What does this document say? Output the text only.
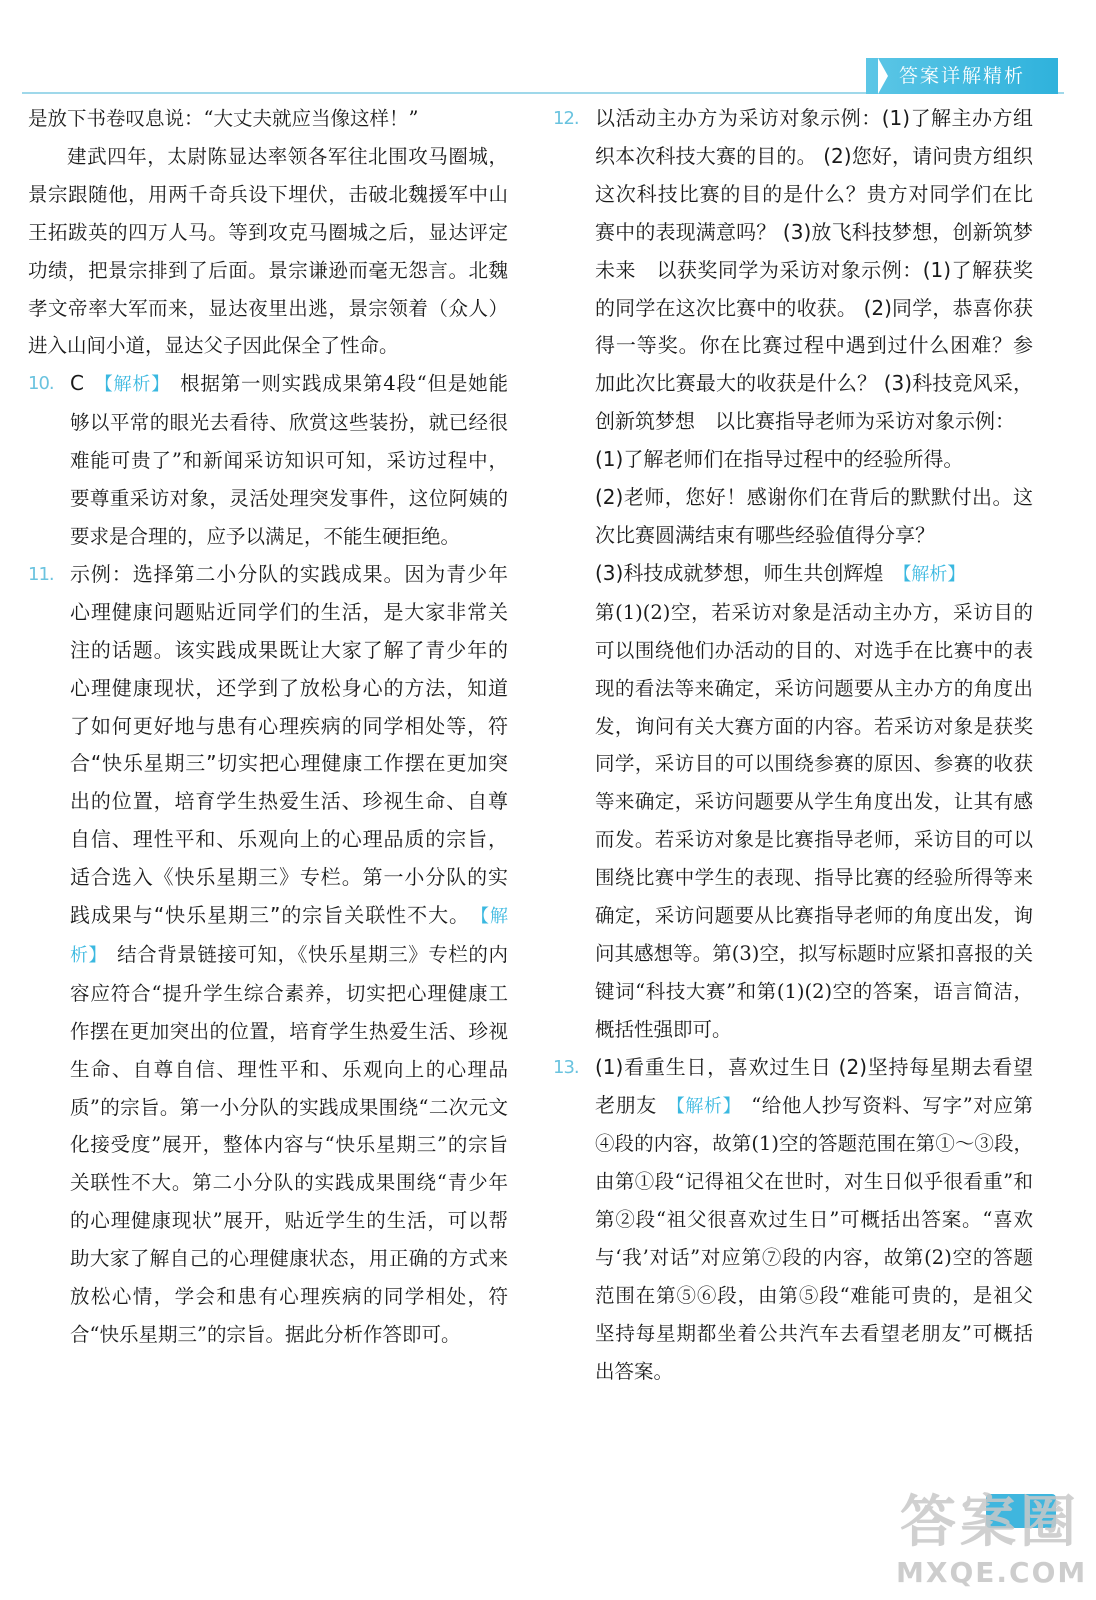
答案详解精析

是放下书卷叹息说：“大丈夫就应当像这样！”

建武四年，太尉陈显达率领各军往北围攻马圈城，景宗跟随他，用两千奇兵设下埋伏，击破北魏援军中山王拓跋英的四万人马。等到攻克马圈城之后，显达评定功绩，把景宗排到了后面。景宗谦逊而毫无怨言。北魏孝文帝率大军而来，显达夜里出逃，景宗领着（众人）进入山间小道，显达父子因此保全了性命。

10. C 【解析】 根据第一则实践成果第4段“但是她能够以平常的眼光去看待、欣赏这些装扮，就已经很难能可贵了”和新闻采访知识可知，采访过程中，要尊重采访对象，灵活处理突发事件，这位阿姨的要求是合理的，应予以满足，不能生硬拒绝。
11. 示例：选择第二小分队的实践成果。因为青少年心理健康问题贴近同学们的生活，是大家非常关注的话题。该实践成果既让大家了解了青少年的心理健康现状，还学到了放松身心的方法，知道了如何更好地与患有心理疾病的同学相处等，符合“快乐星期三”切实把心理健康工作摆在更加突出的位置，培育学生热爱生活、珍视生命、自尊自信、理性平和、乐观向上的心理品质的宗旨，适合选入《快乐星期三》专栏。第一小分队的实践成果与“快乐星期三”的宗旨关联性不大。 【解析】 结合背景链接可知，《快乐星期三》专栏的内容应符合“提升学生综合素养，切实把心理健康工作摆在更加突出的位置，培育学生热爱生活、珍视生命、自尊自信、理性平和、乐观向上的心理品质”的宗旨。第一小分队的实践成果围绕“二次元文化接受度”展开，整体内容与“快乐星期三”的宗旨关联性不大。第二小分队的实践成果围绕“青少年的心理健康现状”展开，贴近学生的生活，可以帮助大家了解自己的心理健康状态，用正确的方式来放松心情，学会和患有心理疾病的同学相处，符合“快乐星期三”的宗旨。据此分析作答即可。
12. 以活动主办方为采访对象示例：(1)了解主办方组织本次科技大赛的目的。 (2)您好，请问贵方组织这次科技比赛的目的是什么？贵方对同学们在比赛中的表现满意吗？ (3)放飞科技梦想，创新筑梦未来　以获奖同学为采访对象示例：(1)了解获奖的同学在这次比赛中的收获。 (2)同学，恭喜你获得一等奖。你在比赛过程中遇到过什么困难？参加此次比赛最大的收获是什么？ (3)科技竞风采，创新筑梦想　以比赛指导老师为采访对象示例：
(1)了解老师们在指导过程中的经验所得。
(2)老师，您好！感谢你们在背后的默默付出。这次比赛圆满结束有哪些经验值得分享？
(3)科技成就梦想，师生共创辉煌 【解析】
第(1)(2)空，若采访对象是活动主办方，采访目的可以围绕他们办活动的目的、对选手在比赛中的表现的看法等来确定，采访问题要从主办方的角度出发，询问有关大赛方面的内容。若采访对象是获奖同学，采访目的可以围绕参赛的原因、参赛的收获等来确定，采访问题要从学生角度出发，让其有感而发。若采访对象是比赛指导老师，采访目的可以围绕比赛中学生的表现、指导比赛的经验所得等来确定，采访问题要从比赛指导老师的角度出发，询问其感想等。第(3)空，拟写标题时应紧扣喜报的关键词“科技大赛”和第(1)(2)空的答案，语言简洁，概括性强即可。
13. (1)看重生日，喜欢过生日 (2)坚持每星期去看望老朋友 【解析】 “给他人抄写资料、写字”对应第④段的内容，故第(1)空的答题范围在第①～③段，由第①段“记得祖父在世时，对生日似乎很看重”和第②段“祖父很喜欢过生日”可概括出答案。“喜欢与‘我’对话”对应第⑦段的内容，故第(2)空的答题范围在第⑤⑥段，由第⑤段“难能可贵的，是祖父坚持每星期都坐着公共汽车去看望老朋友”可概括出答案。
答案圈
MXQE.COM
